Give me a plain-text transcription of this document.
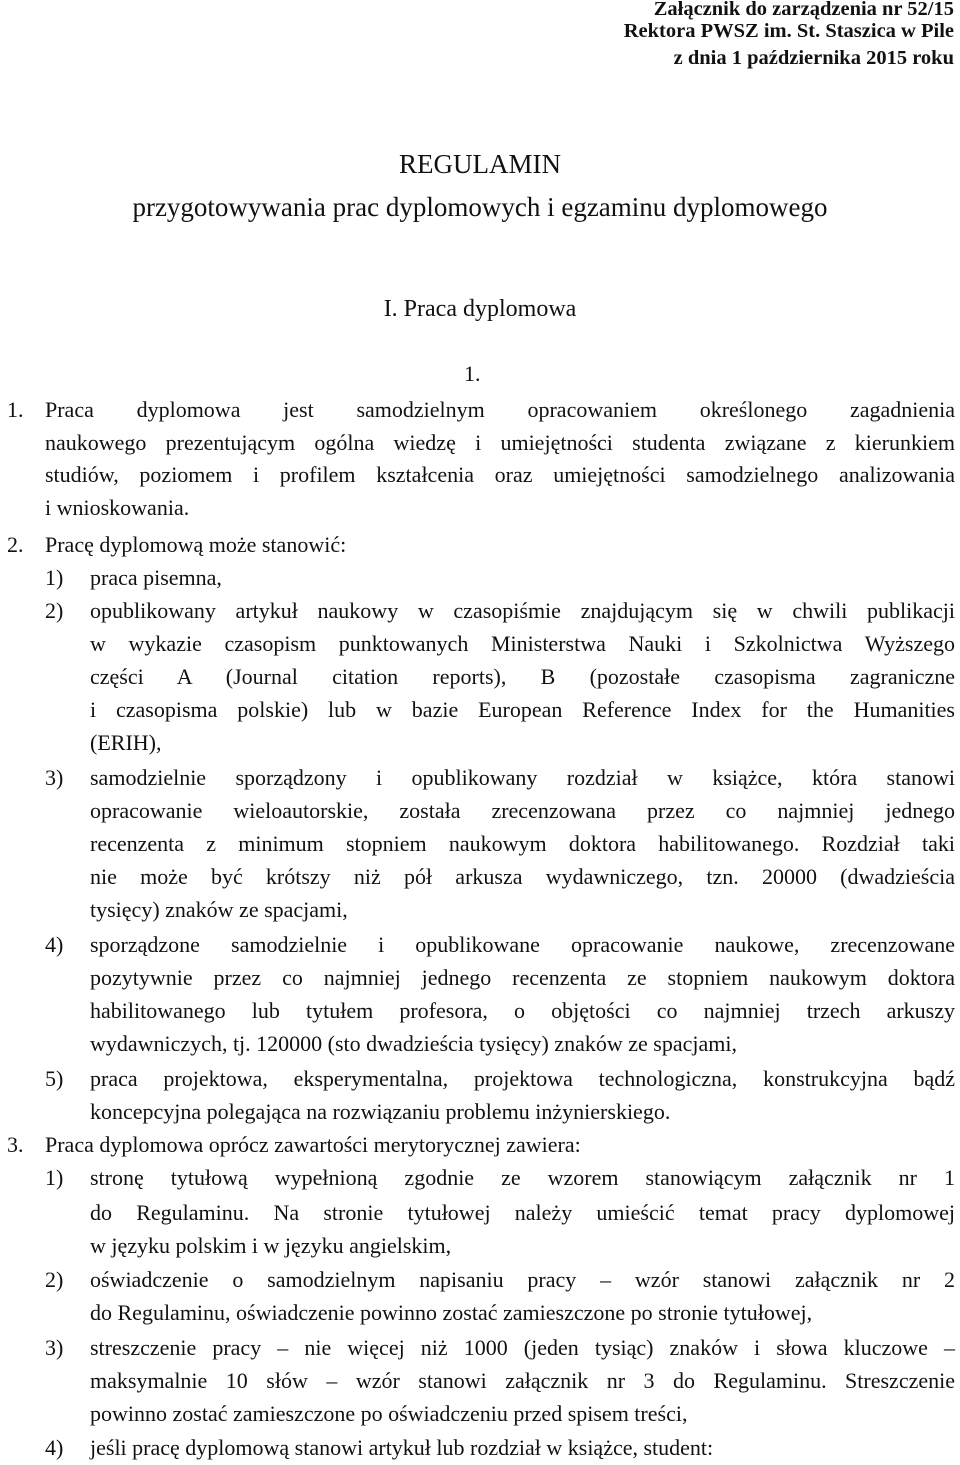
Załącznik do zarządzenia nr 52/15
Rektora PWSZ im. St. Staszica w Pile
z dnia 1 października 2015 roku
REGULAMIN
przygotowywania prac dyplomowych i egzaminu dyplomowego
I. Praca dyplomowa
1.
1. Praca dyplomowa jest samodzielnym opracowaniem określonego zagadnienia
naukowego prezentującym ogólna wiedzę i umiejętności studenta związane z kierunkiem
studiów, poziomem i profilem kształcenia oraz umiejętności samodzielnego analizowania
i wnioskowania.
2. Pracę dyplomową może stanowić:
1) praca pisemna,
2) opublikowany artykuł naukowy w czasopiśmie znajdującym się w chwili publikacji
w wykazie czasopism punktowanych Ministerstwa Nauki i Szkolnictwa Wyższego
części A (Journal citation reports), B (pozostałe czasopisma zagraniczne
i czasopisma polskie) lub w bazie European Reference Index for the Humanities
(ERIH),
3) samodzielnie sporządzony i opublikowany rozdział w książce, która stanowi
opracowanie wieloautorskie, została zrecenzowana przez co najmniej jednego
recenzenta z minimum stopniem naukowym doktora habilitowanego. Rozdział taki
nie może być krótszy niż pół arkusza wydawniczego, tzn. 20000 (dwadzieścia
tysięcy) znaków ze spacjami,
4) sporządzone samodzielnie i opublikowane opracowanie naukowe, zrecenzowane
pozytywnie przez co najmniej jednego recenzenta ze stopniem naukowym doktora
habilitowanego lub tytułem profesora, o objętości co najmniej trzech arkuszy
wydawniczych, tj. 120000 (sto dwadzieścia tysięcy) znaków ze spacjami,
5) praca projektowa, eksperymentalna, projektowa technologiczna, konstrukcyjna bądź
koncepcyjna polegająca na rozwiązaniu problemu inżynierskiego.
3. Praca dyplomowa oprócz zawartości merytorycznej zawiera:
1) stronę tytułową wypełnioną zgodnie ze wzorem stanowiącym załącznik nr 1
do Regulaminu. Na stronie tytułowej należy umieścić temat pracy dyplomowej
w języku polskim i w języku angielskim,
2) oświadczenie o samodzielnym napisaniu pracy – wzór stanowi załącznik nr 2
do Regulaminu, oświadczenie powinno zostać zamieszczone po stronie tytułowej,
3) streszczenie pracy – nie więcej niż 1000 (jeden tysiąc) znaków i słowa kluczowe –
maksymalnie 10 słów – wzór stanowi załącznik nr 3 do Regulaminu. Streszczenie
powinno zostać zamieszczone po oświadczeniu przed spisem treści,
4) jeśli pracę dyplomową stanowi artykuł lub rozdział w książce, student:
